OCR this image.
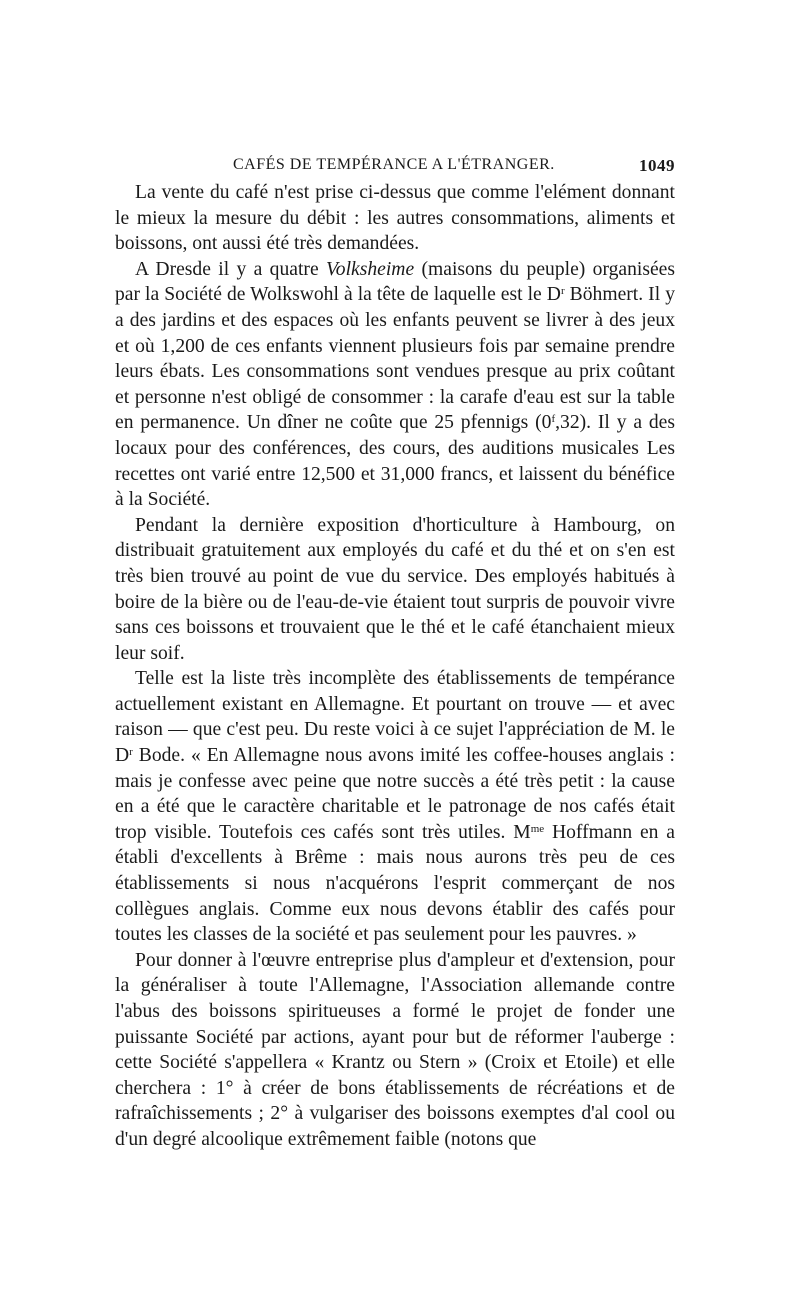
CAFÉS DE TEMPÉRANCE A L'ÉTRANGER.	1049

La vente du café n'est prise ci-dessus que comme l'elément donnant le mieux la mesure du débit : les autres consommations, aliments et boissons, ont aussi été très demandées.

A Dresde il y a quatre Volksheime (maisons du peuple) organisées par la Société de Wolkswohl à la tête de laquelle est le $D^r$ Böhmert. Il y a des jardins et des espaces où les enfants peuvent se livrer à des jeux et où 1,200 de ces enfants viennent plusieurs fois par semaine prendre leurs ébats. Les consommations sont vendues presque au prix coûtant et personne n'est obligé de consommer : la carafe d'eau est sur la table en permanence. Un dîner ne coûte que 25 pfennigs (0$^f$,32). Il y a des locaux pour des conférences, des cours, des auditions musicales Les recettes ont varié entre 12,500 et 31,000 francs, et laissent du bénéfice à la Société.

Pendant la dernière exposition d'horticulture à Hambourg, on distribuait gratuitement aux employés du café et du thé et on s'en est très bien trouvé au point de vue du service. Des employés habitués à boire de la bière ou de l'eau-de-vie étaient tout surpris de pouvoir vivre sans ces boissons et trouvaient que le thé et le café étanchaient mieux leur soif.

Telle est la liste très incomplète des établissements de tempérance actuellement existant en Allemagne. Et pourtant on trouve — et avec raison — que c'est peu. Du reste voici à ce sujet l'appréciation de M. le $D^r$ Bode. « En Allemagne nous avons imité les coffee-houses anglais : mais je confesse avec peine que notre succès a été très petit : la cause en a été que le caractère charitable et le patronage de nos cafés était trop visible. Toutefois ces cafés sont très utiles. $M^{me}$ Hoffmann en a établi d'excellents à Brême : mais nous aurons très peu de ces établissements si nous n'acquérons l'esprit commerçant de nos collègues anglais. Comme eux nous devons établir des cafés pour toutes les classes de la société et pas seulement pour les pauvres. »

Pour donner à l'œuvre entreprise plus d'ampleur et d'extension, pour la généraliser à toute l'Allemagne, l'Association allemande contre l'abus des boissons spiritueuses a formé le projet de fonder une puissante Société par actions, ayant pour but de réformer l'auberge : cette Société s'appellera « Krantz ou Stern » (Croix et Etoile) et elle cherchera : 1° à créer de bons établissements de récréations et de rafraîchissements ; 2° à vulgariser des boissons exemptes d'al cool ou d'un degré alcoolique extrêmement faible (notons que
